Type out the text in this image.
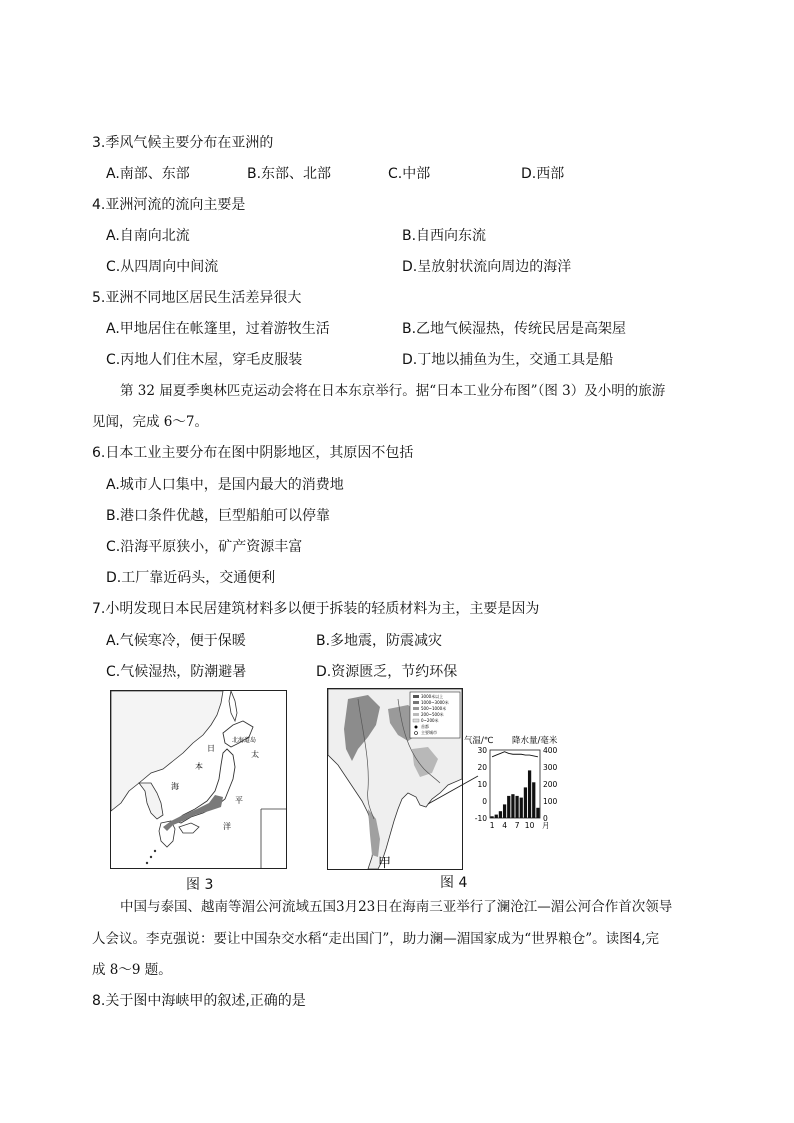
3.季风气候主要分布在亚洲的
A.南部、东部	B.东部、北部	C.中部	D.西部
4.亚洲河流的流向主要是
A.自南向北流	B.自西向东流
C.从四周向中间流	D.呈放射状流向周边的海洋
5.亚洲不同地区居民生活差异很大
A.甲地居住在帐篷里，过着游牧生活	B.乙地气候湿热，传统民居是高架屋
C.丙地人们住木屋，穿毛皮服装	D.丁地以捕鱼为生，交通工具是船
第 32 届夏季奥林匹克运动会将在日本东京举行。据“日本工业分布图”（图 3）及小明的旅游
见闻，完成 6～7。
6.日本工业主要分布在图中阴影地区，其原因不包括
A.城市人口集中，是国内最大的消费地
B.港口条件优越，巨型船舶可以停靠
C.沿海平原狭小，矿产资源丰富
D.工厂靠近码头，交通便利
7.小明发现日本民居建筑材料多以便于拆装的轻质材料为主，主要是因为
A.气候寒冷，便于保暖	B.多地震，防震减灾
C.气候湿热，防潮避暑	D.资源匮乏，节约环保
北海道岛
日
本
海
太
平
洋
图 3
3000米以上
1000~3000米
500~1000米
200~500米
0~200米
首都
主要城市
甲
气温/℃ 降水量/毫米
30
20
10
0
-10
400
300
200
100
0
1 4 7 10 月
图 4
中国与泰国、越南等湄公河流域五国3月23日在海南三亚举行了澜沧江—湄公河合作首次领导
人会议。李克强说：要让中国杂交水稻“走出国门”，助力澜—湄国家成为“世界粮仓”。读图4,完
成 8～9 题。
8.关于图中海峡甲的叙述,正确的是
